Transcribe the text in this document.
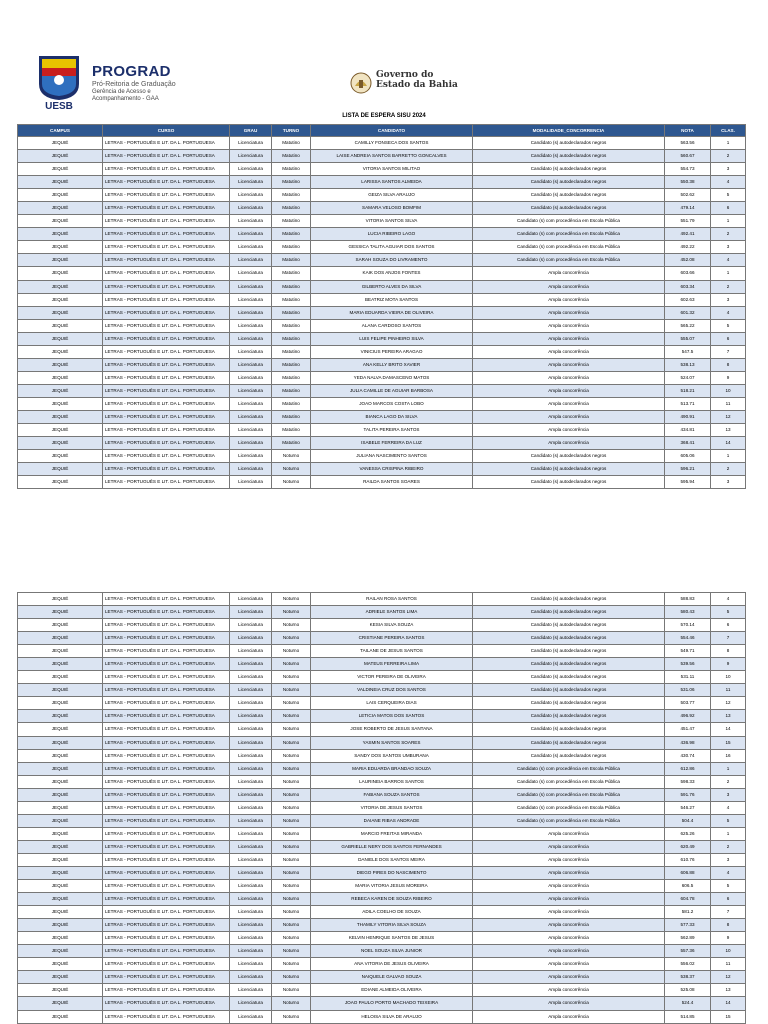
UESB
PROGRAD
Pró-Reitoria de Graduação
Gerência de Acesso e
Acompanhamento - GAA
Governo do
Estado da Bahia
LISTA DE ESPERA SISU 2024
CAMPUS	CURSO	GRAU	TURNO	CANDIDATO	MODALIDADE_CONCORRENCIA	NOTA	CLAS.
JEQUIÉ	LETRAS - PORTUGUÊS E LIT. DA L. PORTUGUESA	Licenciatura	Matutino	CAMILLY FONSECA DOS SANTOS	Candidato (s) autodeclarados negros	563.56	1
JEQUIÉ	LETRAS - PORTUGUÊS E LIT. DA L. PORTUGUESA	Licenciatura	Matutino	LAISE ANDREIA SANTOS BARRETTO GONCALVES	Candidato (s) autodeclarados negros	560.67	2
JEQUIÉ	LETRAS - PORTUGUÊS E LIT. DA L. PORTUGUESA	Licenciatura	Matutino	VITORIA SANTOS MILITAO	Candidato (s) autodeclarados negros	554.73	3
JEQUIÉ	LETRAS - PORTUGUÊS E LIT. DA L. PORTUGUESA	Licenciatura	Matutino	LARISSA SANTOS ALMEIDA	Candidato (s) autodeclarados negros	550.38	4
JEQUIÉ	LETRAS - PORTUGUÊS E LIT. DA L. PORTUGUESA	Licenciatura	Matutino	GEIZA SILVA ARAUJO	Candidato (s) autodeclarados negros	502.62	5
JEQUIÉ	LETRAS - PORTUGUÊS E LIT. DA L. PORTUGUESA	Licenciatura	Matutino	SAMARA VELOSO BOMFIM	Candidato (s) autodeclarados negros	479.14	6
JEQUIÉ	LETRAS - PORTUGUÊS E LIT. DA L. PORTUGUESA	Licenciatura	Matutino	VITORIA SANTOS SILVA	Candidato (s) com procedência em Escola Pública	551.79	1
JEQUIÉ	LETRAS - PORTUGUÊS E LIT. DA L. PORTUGUESA	Licenciatura	Matutino	LUCIA RIBEIRO LAGO	Candidato (s) com procedência em Escola Pública	492.41	2
JEQUIÉ	LETRAS - PORTUGUÊS E LIT. DA L. PORTUGUESA	Licenciatura	Matutino	GESSICA TALITA AGUIAR DOS SANTOS	Candidato (s) com procedência em Escola Pública	492.22	3
JEQUIÉ	LETRAS - PORTUGUÊS E LIT. DA L. PORTUGUESA	Licenciatura	Matutino	SARAH SOUZA DO LIVRAMENTO	Candidato (s) com procedência em Escola Pública	452.08	4
JEQUIÉ	LETRAS - PORTUGUÊS E LIT. DA L. PORTUGUESA	Licenciatura	Matutino	KAIK DOS ANJOS FONTES	Ampla concorrência	603.66	1
JEQUIÉ	LETRAS - PORTUGUÊS E LIT. DA L. PORTUGUESA	Licenciatura	Matutino	GILBERTO ALVES DA SILVA	Ampla concorrência	603.34	2
JEQUIÉ	LETRAS - PORTUGUÊS E LIT. DA L. PORTUGUESA	Licenciatura	Matutino	BEATRIZ MOTA SANTOS	Ampla concorrência	602.63	3
JEQUIÉ	LETRAS - PORTUGUÊS E LIT. DA L. PORTUGUESA	Licenciatura	Matutino	MARIA EDUARDA VIEIRA DE OLIVEIRA	Ampla concorrência	601.32	4
JEQUIÉ	LETRAS - PORTUGUÊS E LIT. DA L. PORTUGUESA	Licenciatura	Matutino	ALANA CARDOSO SANTOS	Ampla concorrência	565.22	5
JEQUIÉ	LETRAS - PORTUGUÊS E LIT. DA L. PORTUGUESA	Licenciatura	Matutino	LUIS FELIPE PINHEIRO SILVA	Ampla concorrência	555.07	6
JEQUIÉ	LETRAS - PORTUGUÊS E LIT. DA L. PORTUGUESA	Licenciatura	Matutino	VINICIUS PEREIRA ARAGAO	Ampla concorrência	547.5	7
JEQUIÉ	LETRAS - PORTUGUÊS E LIT. DA L. PORTUGUESA	Licenciatura	Matutino	ANA KELLY BRITO XAVIER	Ampla concorrência	538.13	8
JEQUIÉ	LETRAS - PORTUGUÊS E LIT. DA L. PORTUGUESA	Licenciatura	Matutino	YEDA NALVA DAMASCENO MATOS	Ampla concorrência	524.07	9
JEQUIÉ	LETRAS - PORTUGUÊS E LIT. DA L. PORTUGUESA	Licenciatura	Matutino	JULIA CAMILLE DE AGUIAR BARBOSA	Ampla concorrência	518.21	10
JEQUIÉ	LETRAS - PORTUGUÊS E LIT. DA L. PORTUGUESA	Licenciatura	Matutino	JOAO MARCOS COSTA LOBO	Ampla concorrência	513.71	11
JEQUIÉ	LETRAS - PORTUGUÊS E LIT. DA L. PORTUGUESA	Licenciatura	Matutino	BIANCA LAGO DA SILVA	Ampla concorrência	490.91	12
JEQUIÉ	LETRAS - PORTUGUÊS E LIT. DA L. PORTUGUESA	Licenciatura	Matutino	TALITA PEREIRA SANTOS	Ampla concorrência	434.81	13
JEQUIÉ	LETRAS - PORTUGUÊS E LIT. DA L. PORTUGUESA	Licenciatura	Matutino	ISABELE FERREIRA DA LUZ	Ampla concorrência	368.41	14
JEQUIÉ	LETRAS - PORTUGUÊS E LIT. DA L. PORTUGUESA	Licenciatura	Noturno	JULIANA NASCIMENTO SANTOS	Candidato (s) autodeclarados negros	605.06	1
JEQUIÉ	LETRAS - PORTUGUÊS E LIT. DA L. PORTUGUESA	Licenciatura	Noturno	VANESSA CRISPINA RIBEIRO	Candidato (s) autodeclarados negros	596.21	2
JEQUIÉ	LETRAS - PORTUGUÊS E LIT. DA L. PORTUGUESA	Licenciatura	Noturno	RAILDA SANTOS SOARES	Candidato (s) autodeclarados negros	595.94	3
JEQUIÉ	LETRAS - PORTUGUÊS E LIT. DA L. PORTUGUESA	Licenciatura	Noturno	RAILAN ROSA SANTOS	Candidato (s) autodeclarados negros	588.83	4
JEQUIÉ	LETRAS - PORTUGUÊS E LIT. DA L. PORTUGUESA	Licenciatura	Noturno	ADRIELE SANTOS LIMA	Candidato (s) autodeclarados negros	580.43	5
JEQUIÉ	LETRAS - PORTUGUÊS E LIT. DA L. PORTUGUESA	Licenciatura	Noturno	KESIA SILVA SOUZA	Candidato (s) autodeclarados negros	570.14	6
JEQUIÉ	LETRAS - PORTUGUÊS E LIT. DA L. PORTUGUESA	Licenciatura	Noturno	CRISTIANE PEREIRA SANTOS	Candidato (s) autodeclarados negros	554.46	7
JEQUIÉ	LETRAS - PORTUGUÊS E LIT. DA L. PORTUGUESA	Licenciatura	Noturno	TAILANE DE JESUS SANTOS	Candidato (s) autodeclarados negros	549.71	8
JEQUIÉ	LETRAS - PORTUGUÊS E LIT. DA L. PORTUGUESA	Licenciatura	Noturno	MATEUS FERREIRA LIMA	Candidato (s) autodeclarados negros	539.56	9
JEQUIÉ	LETRAS - PORTUGUÊS E LIT. DA L. PORTUGUESA	Licenciatura	Noturno	VICTOR PEREIRA DE OLIVEIRA	Candidato (s) autodeclarados negros	531.11	10
JEQUIÉ	LETRAS - PORTUGUÊS E LIT. DA L. PORTUGUESA	Licenciatura	Noturno	VALDINEIA CRUZ DOS SANTOS	Candidato (s) autodeclarados negros	531.06	11
JEQUIÉ	LETRAS - PORTUGUÊS E LIT. DA L. PORTUGUESA	Licenciatura	Noturno	LAIS CERQUEIRA DIAS	Candidato (s) autodeclarados negros	503.77	12
JEQUIÉ	LETRAS - PORTUGUÊS E LIT. DA L. PORTUGUESA	Licenciatura	Noturno	LETICIA MATOS DOS SANTOS	Candidato (s) autodeclarados negros	496.92	13
JEQUIÉ	LETRAS - PORTUGUÊS E LIT. DA L. PORTUGUESA	Licenciatura	Noturno	JOSE ROBERTO DE JESUS SANTANA	Candidato (s) autodeclarados negros	451.47	14
JEQUIÉ	LETRAS - PORTUGUÊS E LIT. DA L. PORTUGUESA	Licenciatura	Noturno	YASMIN SANTOS SOARES	Candidato (s) autodeclarados negros	436.98	15
JEQUIÉ	LETRAS - PORTUGUÊS E LIT. DA L. PORTUGUESA	Licenciatura	Noturno	SANDY DOS SANTOS UMBURANA	Candidato (s) autodeclarados negros	430.74	16
JEQUIÉ	LETRAS - PORTUGUÊS E LIT. DA L. PORTUGUESA	Licenciatura	Noturno	MARIA EDUARDA BRANDAO SOUZA	Candidato (s) com procedência em Escola Pública	612.86	1
JEQUIÉ	LETRAS - PORTUGUÊS E LIT. DA L. PORTUGUESA	Licenciatura	Noturno	LAURINEIA BARROS SANTOS	Candidato (s) com procedência em Escola Pública	598.33	2
JEQUIÉ	LETRAS - PORTUGUÊS E LIT. DA L. PORTUGUESA	Licenciatura	Noturno	FABIANA SOUZA SANTOS	Candidato (s) com procedência em Escola Pública	591.76	3
JEQUIÉ	LETRAS - PORTUGUÊS E LIT. DA L. PORTUGUESA	Licenciatura	Noturno	VITORIA DE JESUS SANTOS	Candidato (s) com procedência em Escola Pública	546.27	4
JEQUIÉ	LETRAS - PORTUGUÊS E LIT. DA L. PORTUGUESA	Licenciatura	Noturno	DAIANE RIBAS ANDRADE	Candidato (s) com procedência em Escola Pública	504.4	5
JEQUIÉ	LETRAS - PORTUGUÊS E LIT. DA L. PORTUGUESA	Licenciatura	Noturno	MARCIO FREITAS MIRANDA	Ampla concorrência	625.26	1
JEQUIÉ	LETRAS - PORTUGUÊS E LIT. DA L. PORTUGUESA	Licenciatura	Noturno	GABRIELLE NERY DOS SANTOS FERNANDES	Ampla concorrência	620.49	2
JEQUIÉ	LETRAS - PORTUGUÊS E LIT. DA L. PORTUGUESA	Licenciatura	Noturno	DANIELE DOS SANTOS MEIRA	Ampla concorrência	610.76	3
JEQUIÉ	LETRAS - PORTUGUÊS E LIT. DA L. PORTUGUESA	Licenciatura	Noturno	DIEGO PIRES DO NASCIMENTO	Ampla concorrência	606.88	4
JEQUIÉ	LETRAS - PORTUGUÊS E LIT. DA L. PORTUGUESA	Licenciatura	Noturno	MARIA VITORIA JESUS MOREIRA	Ampla concorrência	606.5	5
JEQUIÉ	LETRAS - PORTUGUÊS E LIT. DA L. PORTUGUESA	Licenciatura	Noturno	REBECA KAREN DE SOUZA RIBEIRO	Ampla concorrência	604.78	6
JEQUIÉ	LETRAS - PORTUGUÊS E LIT. DA L. PORTUGUESA	Licenciatura	Noturno	ADILA COELHO DE SOUZA	Ampla concorrência	581.2	7
JEQUIÉ	LETRAS - PORTUGUÊS E LIT. DA L. PORTUGUESA	Licenciatura	Noturno	THAMILY VITORIA SILVA SOUZA	Ampla concorrência	577.33	8
JEQUIÉ	LETRAS - PORTUGUÊS E LIT. DA L. PORTUGUESA	Licenciatura	Noturno	KELVIN HENRIQUE SANTOS DE JESUS	Ampla concorrência	562.89	9
JEQUIÉ	LETRAS - PORTUGUÊS E LIT. DA L. PORTUGUESA	Licenciatura	Noturno	NOEL SOUZA SILVA JUNIOR	Ampla concorrência	557.36	10
JEQUIÉ	LETRAS - PORTUGUÊS E LIT. DA L. PORTUGUESA	Licenciatura	Noturno	ANA VITORIA DE JESUS OLIVEIRA	Ampla concorrência	556.02	11
JEQUIÉ	LETRAS - PORTUGUÊS E LIT. DA L. PORTUGUESA	Licenciatura	Noturno	NAIQUELE GALVAO SOUZA	Ampla concorrência	538.37	12
JEQUIÉ	LETRAS - PORTUGUÊS E LIT. DA L. PORTUGUESA	Licenciatura	Noturno	EDIANE ALMEIDA OLIVEIRA	Ampla concorrência	525.08	13
JEQUIÉ	LETRAS - PORTUGUÊS E LIT. DA L. PORTUGUESA	Licenciatura	Noturno	JOAO PAULO PORTO MACHADO TEIXEIRA	Ampla concorrência	524.4	14
JEQUIÉ	LETRAS - PORTUGUÊS E LIT. DA L. PORTUGUESA	Licenciatura	Noturno	HELOISA SILVA DE ARAUJO	Ampla concorrência	514.85	15
